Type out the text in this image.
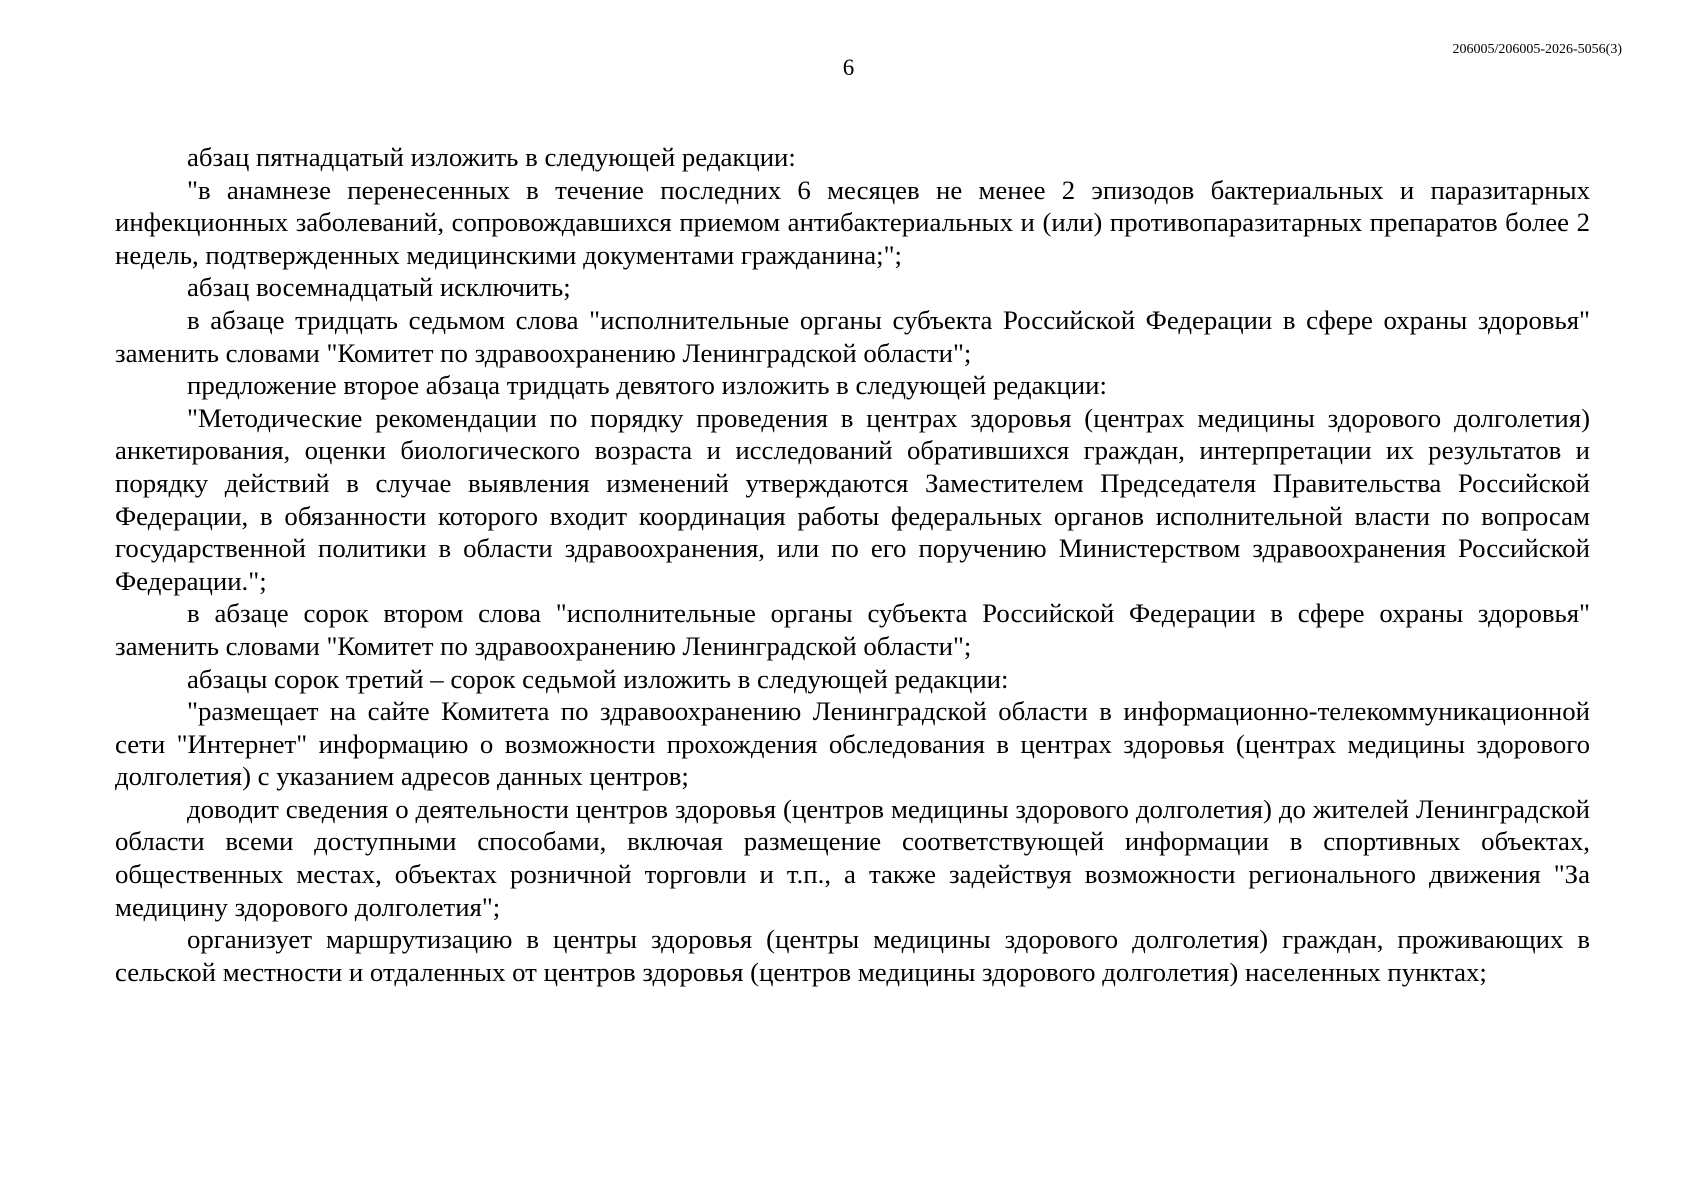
206005/206005-2026-5056(3)
6

абзац пятнадцатый изложить в следующей редакции:

"в анамнезе перенесенных в течение последних 6 месяцев не менее 2 эпизодов бактериальных и паразитарных инфекционных заболеваний, сопровождавшихся приемом антибактериальных и (или) противопаразитарных препаратов более 2 недель, подтвержденных медицинскими документами гражданина;";

абзац восемнадцатый исключить;

в абзаце тридцать седьмом слова "исполнительные органы субъекта Российской Федерации в сфере охраны здоровья" заменить словами "Комитет по здравоохранению Ленинградской области";

предложение второе абзаца тридцать девятого изложить в следующей редакции:

"Методические рекомендации по порядку проведения в центрах здоровья (центрах медицины здорового долголетия) анкетирования, оценки биологического возраста и исследований обратившихся граждан, интерпретации их результатов и порядку действий в случае выявления изменений утверждаются Заместителем Председателя Правительства Российской Федерации, в обязанности которого входит координация работы федеральных органов исполнительной власти по вопросам государственной политики в области здравоохранения, или по его поручению Министерством здравоохранения Российской Федерации.";

в абзаце сорок втором слова "исполнительные органы субъекта Российской Федерации в сфере охраны здоровья" заменить словами "Комитет по здравоохранению Ленинградской области";

абзацы сорок третий – сорок седьмой изложить в следующей редакции:

"размещает на сайте Комитета по здравоохранению Ленинградской области в информационно-телекоммуникационной сети "Интернет" информацию о возможности прохождения обследования в центрах здоровья (центрах медицины здорового долголетия) с указанием адресов данных центров;

доводит сведения о деятельности центров здоровья (центров медицины здорового долголетия) до жителей Ленинградской области всеми доступными способами, включая размещение соответствующей информации в спортивных объектах, общественных местах, объектах розничной торговли и т.п., а также задействуя возможности регионального движения "За медицину здорового долголетия";

организует маршрутизацию в центры здоровья (центры медицины здорового долголетия) граждан, проживающих в сельской местности и отдаленных от центров здоровья (центров медицины здорового долголетия) населенных пунктах;
